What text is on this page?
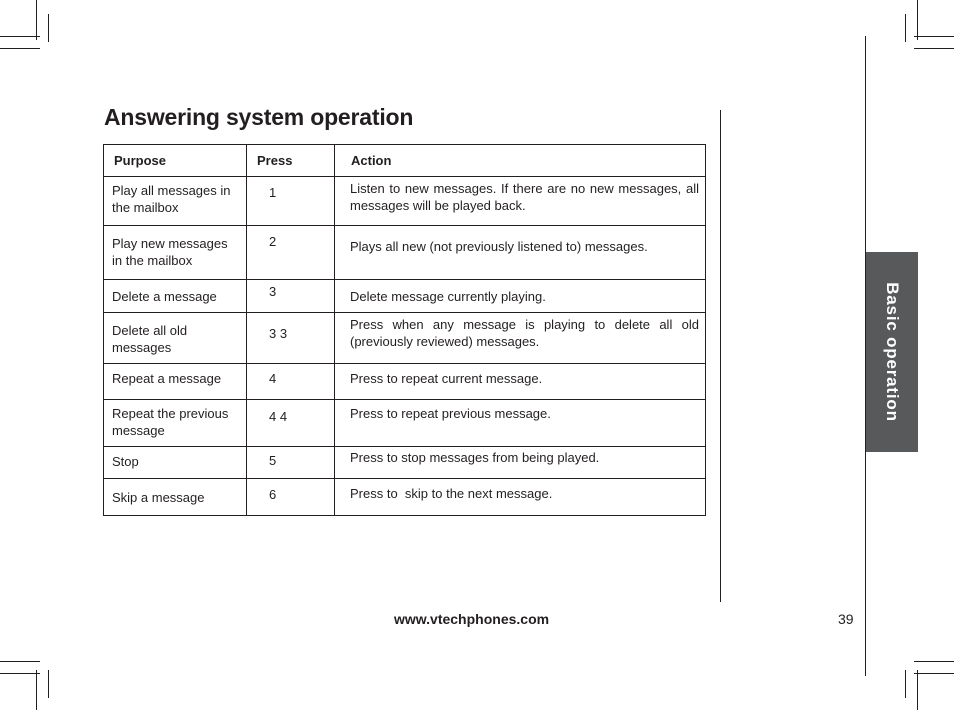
Answering system operation
Purpose	Press	Action
Play all messages in the mailbox	1	Listen to new messages. If there are no new messages, all messages will be played back.
Play new messages in the mailbox	2	Plays all new (not previously listened to) messages.
Delete a message	3	Delete message currently playing.
Delete all old messages	3 3	Press when any message is playing to delete all old (previously reviewed) messages.
Repeat a message	4	Press to repeat current message.
Repeat the previous message	4 4	Press to repeat previous message.
Stop	5	Press to stop messages from being played.
Skip a message	6	Press to  skip to the next message.
Basic operation
www.vtechphones.com	39
